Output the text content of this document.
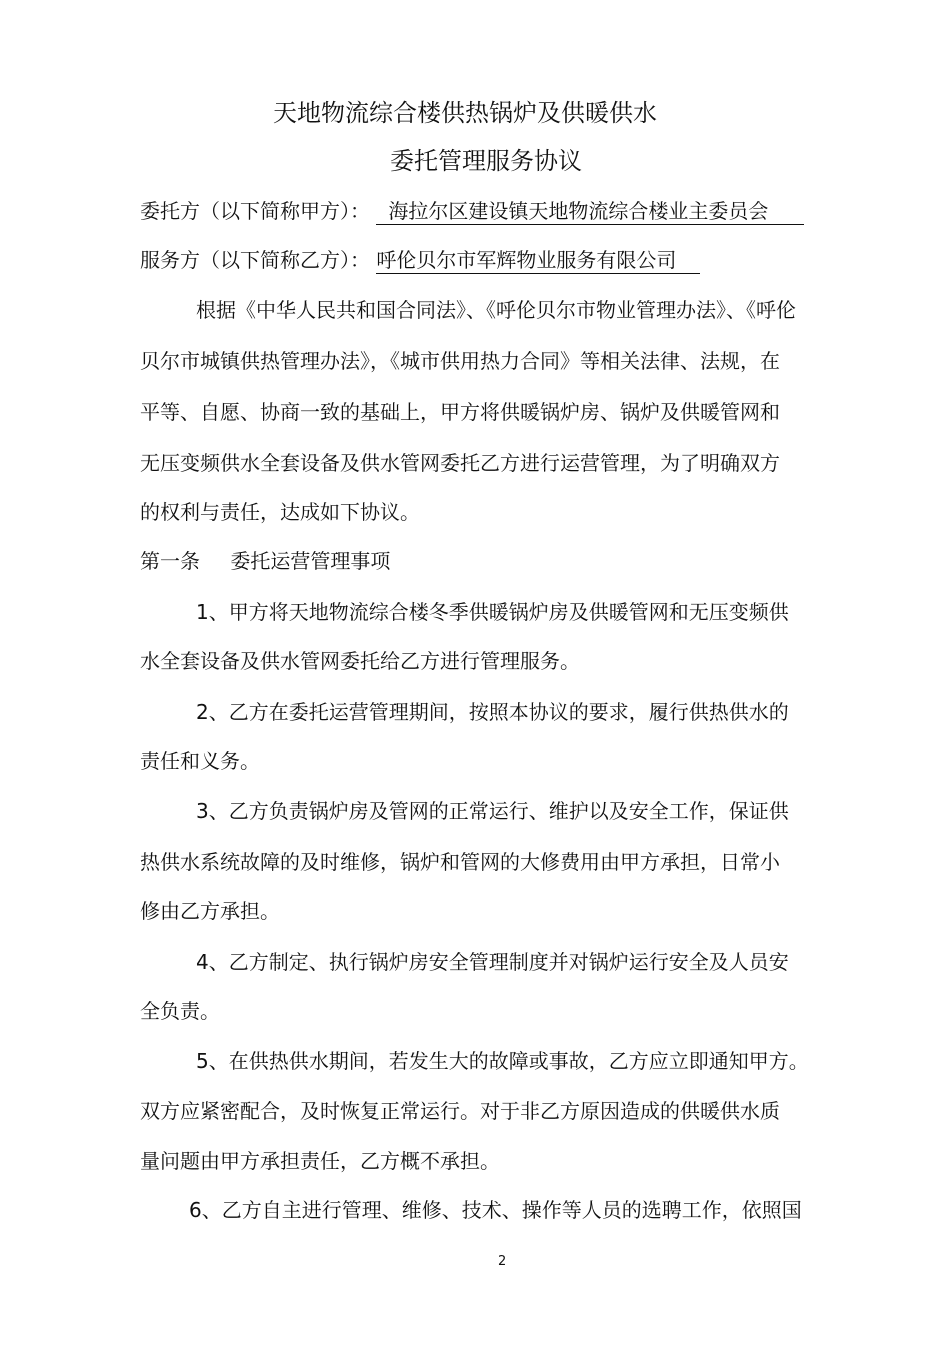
天地物流综合楼供热锅炉及供暖供水
委托管理服务协议
委托方（以下简称甲方）： 海拉尔区建设镇天地物流综合楼业主委员会
服务方（以下简称乙方）： 呼伦贝尔市军辉物业服务有限公司
根据《中华人民共和国合同法》、《呼伦贝尔市物业管理办法》、《呼伦
贝尔市城镇供热管理办法》，《城市供用热力合同》等相关法律、法规，在
平等、自愿、协商一致的基础上，甲方将供暖锅炉房、锅炉及供暖管网和
无压变频供水全套设备及供水管网委托乙方进行运营管理，为了明确双方
的权利与责任，达成如下协议。
第一条 委托运营管理事项
1、甲方将天地物流综合楼冬季供暖锅炉房及供暖管网和无压变频供
水全套设备及供水管网委托给乙方进行管理服务。
2、乙方在委托运营管理期间，按照本协议的要求，履行供热供水的
责任和义务。
3、乙方负责锅炉房及管网的正常运行、维护以及安全工作，保证供
热供水系统故障的及时维修，锅炉和管网的大修费用由甲方承担，日常小
修由乙方承担。
4、乙方制定、执行锅炉房安全管理制度并对锅炉运行安全及人员安
全负责。
5、在供热供水期间，若发生大的故障或事故，乙方应立即通知甲方。
双方应紧密配合，及时恢复正常运行。对于非乙方原因造成的供暖供水质
量问题由甲方承担责任，乙方概不承担。
6、乙方自主进行管理、维修、技术、操作等人员的选聘工作，依照国
2
